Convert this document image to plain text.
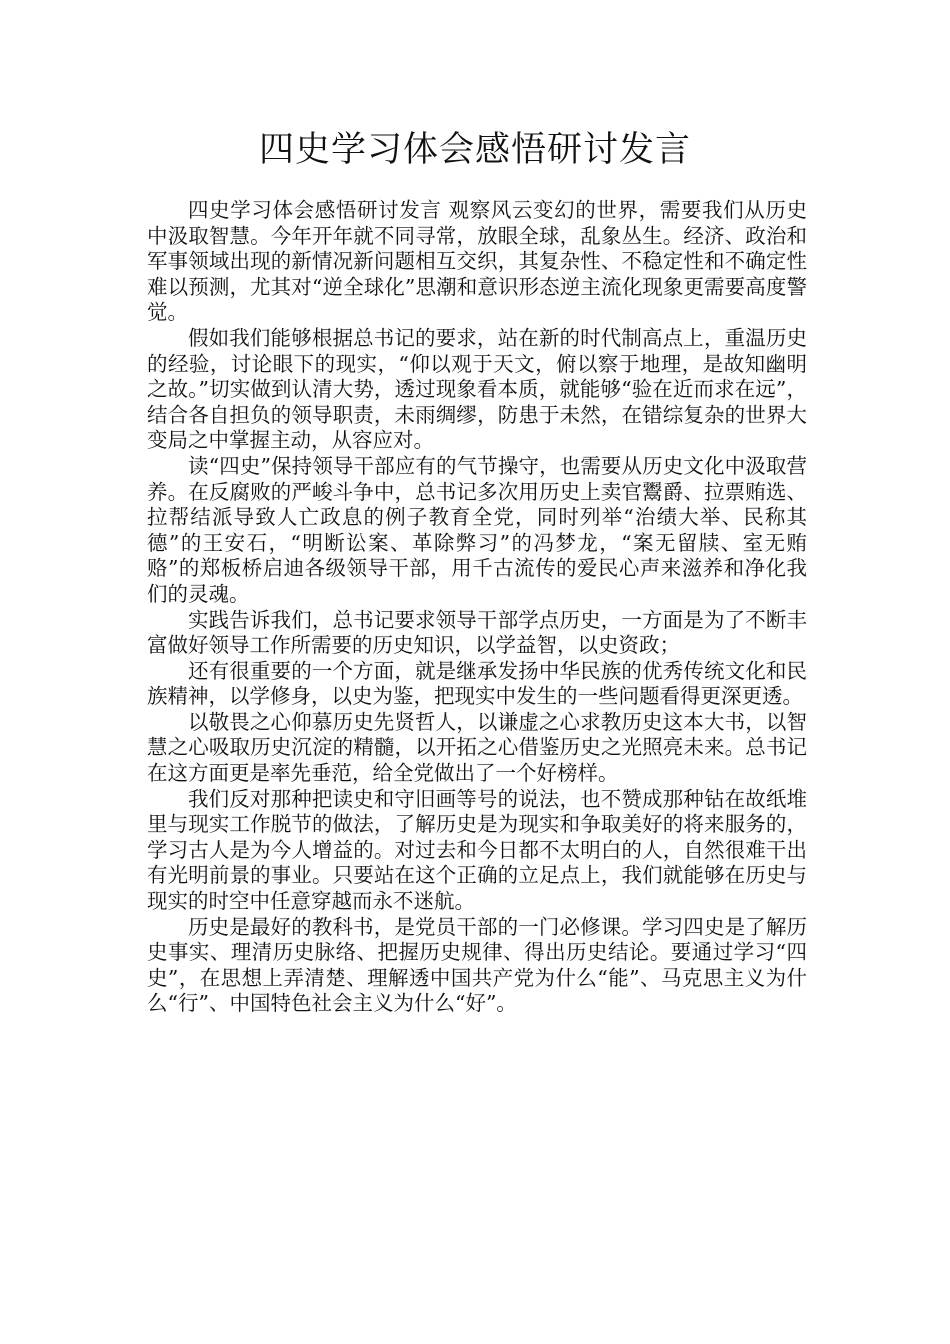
四史学习体会感悟研讨发言

四史学习体会感悟研讨发言 观察风云变幻的世界，需要我们从历史中汲取智慧。今年开年就不同寻常，放眼全球，乱象丛生。经济、政治和军事领域出现的新情况新问题相互交织，其复杂性、不稳定性和不确定性难以预测，尤其对“逆全球化”思潮和意识形态逆主流化现象更需要高度警觉。

假如我们能够根据总书记的要求，站在新的时代制高点上，重温历史的经验，讨论眼下的现实，“仰以观于天文，俯以察于地理，是故知幽明之故。”切实做到认清大势，透过现象看本质，就能够“验在近而求在远”，结合各自担负的领导职责，未雨绸缪，防患于未然，在错综复杂的世界大变局之中掌握主动，从容应对。

读“四史”保持领导干部应有的气节操守，也需要从历史文化中汲取营养。在反腐败的严峻斗争中，总书记多次用历史上卖官鬻爵、拉票贿选、拉帮结派导致人亡政息的例子教育全党，同时列举“治绩大举、民称其德”的王安石，“明断讼案、革除弊习”的冯梦龙，“案无留牍、室无贿赂”的郑板桥启迪各级领导干部，用千古流传的爱民心声来滋养和净化我们的灵魂。

实践告诉我们，总书记要求领导干部学点历史，一方面是为了不断丰富做好领导工作所需要的历史知识，以学益智，以史资政；

还有很重要的一个方面，就是继承发扬中华民族的优秀传统文化和民族精神，以学修身，以史为鉴，把现实中发生的一些问题看得更深更透。

以敬畏之心仰慕历史先贤哲人，以谦虚之心求教历史这本大书，以智慧之心吸取历史沉淀的精髓，以开拓之心借鉴历史之光照亮未来。总书记在这方面更是率先垂范，给全党做出了一个好榜样。

我们反对那种把读史和守旧画等号的说法，也不赞成那种钻在故纸堆里与现实工作脱节的做法，了解历史是为现实和争取美好的将来服务的，学习古人是为今人增益的。对过去和今日都不太明白的人，自然很难干出有光明前景的事业。只要站在这个正确的立足点上，我们就能够在历史与现实的时空中任意穿越而永不迷航。

历史是最好的教科书，是党员干部的一门必修课。学习四史是了解历史事实、理清历史脉络、把握历史规律、得出历史结论。要通过学习“四史”，在思想上弄清楚、理解透中国共产党为什么“能”、马克思主义为什么“行”、中国特色社会主义为什么“好”。
